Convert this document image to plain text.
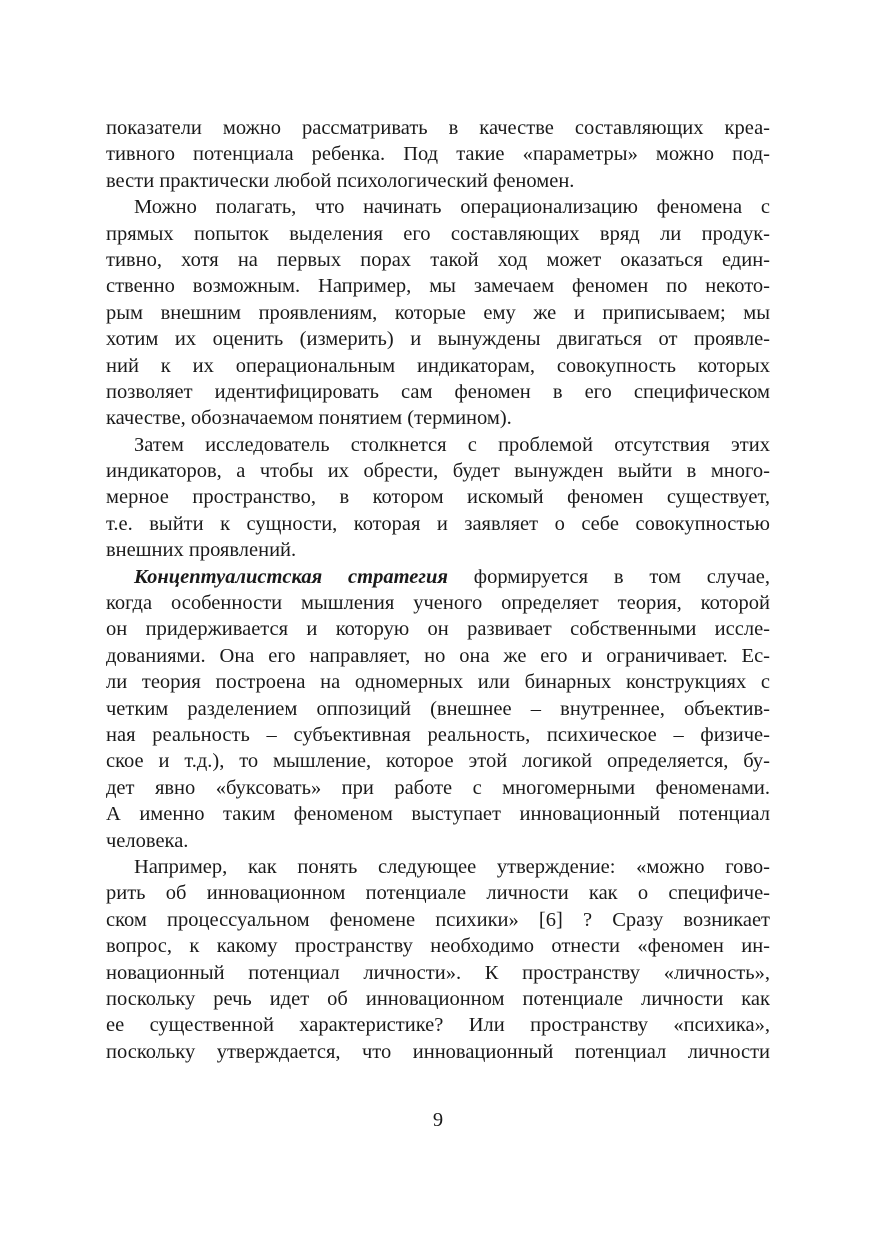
показатели можно рассматривать в качестве составляющих креа-
тивного потенциала ребенка. Под такие «параметры» можно под-
вести практически любой психологический феномен.
Можно полагать, что начинать операционализацию феномена с
прямых попыток выделения его составляющих вряд ли продук-
тивно, хотя на первых порах такой ход может оказаться един-
ственно возможным. Например, мы замечаем феномен по некото-
рым внешним проявлениям, которые ему же и приписываем; мы
хотим их оценить (измерить) и вынуждены двигаться от проявле-
ний к их операциональным индикаторам, совокупность которых
позволяет идентифицировать сам феномен в его специфическом
качестве, обозначаемом понятием (термином).
Затем исследователь столкнется с проблемой отсутствия этих
индикаторов, а чтобы их обрести, будет вынужден выйти в много-
мерное пространство, в котором искомый феномен существует,
т.е. выйти к сущности, которая и заявляет о себе совокупностью
внешних проявлений.
Концептуалистская стратегия формируется в том случае,
когда особенности мышления ученого определяет теория, которой
он придерживается и которую он развивает собственными иссле-
дованиями. Она его направляет, но она же его и ограничивает. Ес-
ли теория построена на одномерных или бинарных конструкциях с
четким разделением оппозиций (внешнее – внутреннее, объектив-
ная реальность – субъективная реальность, психическое – физиче-
ское и т.д.), то мышление, которое этой логикой определяется, бу-
дет явно «буксовать» при работе с многомерными феноменами.
А именно таким феноменом выступает инновационный потенциал
человека.
Например, как понять следующее утверждение: «можно гово-
рить об инновационном потенциале личности как о специфиче-
ском процессуальном феномене психики» [6] ? Сразу возникает
вопрос, к какому пространству необходимо отнести «феномен ин-
новационный потенциал личности». К пространству «личность»,
поскольку речь идет об инновационном потенциале личности как
ее существенной характеристике? Или пространству «психика»,
поскольку утверждается, что инновационный потенциал личности
9
